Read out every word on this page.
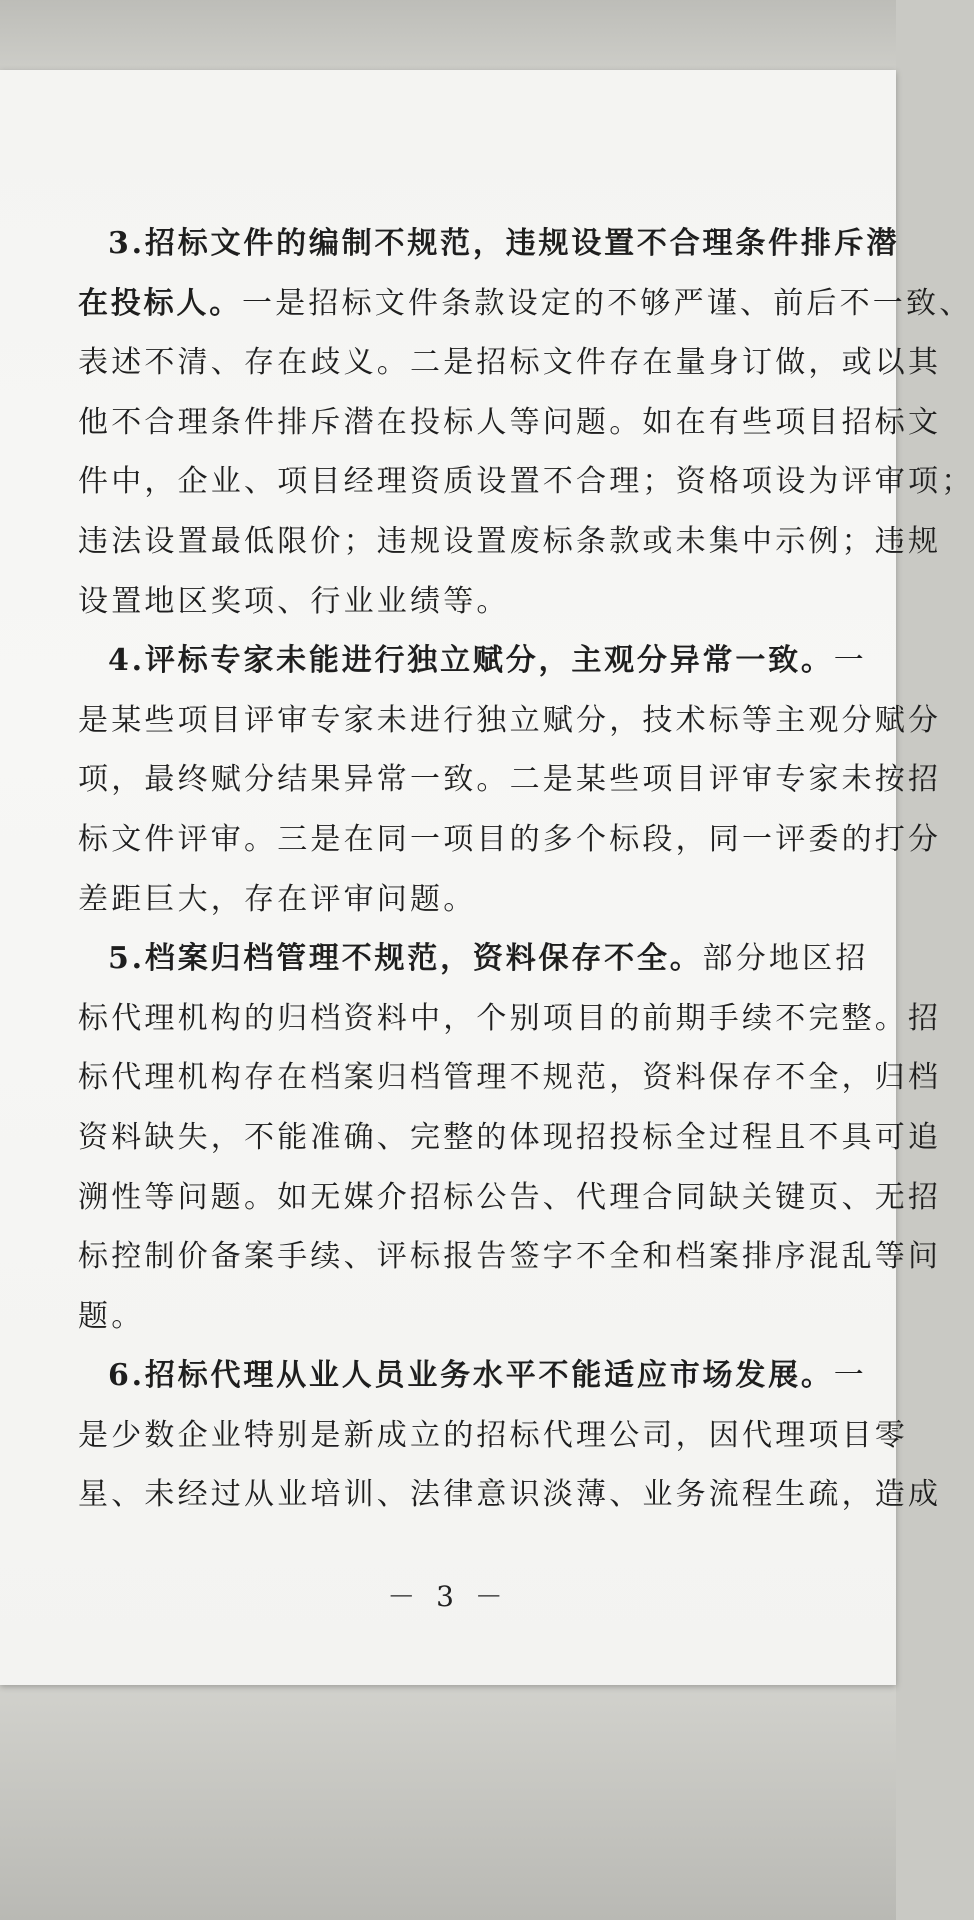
3.招标文件的编制不规范，违规设置不合理条件排斥潜
在投标人。一是招标文件条款设定的不够严谨、前后不一致、
表述不清、存在歧义。二是招标文件存在量身订做，或以其
他不合理条件排斥潜在投标人等问题。如在有些项目招标文
件中，企业、项目经理资质设置不合理；资格项设为评审项；
违法设置最低限价；违规设置废标条款或未集中示例；违规
设置地区奖项、行业业绩等。
4.评标专家未能进行独立赋分，主观分异常一致。一
是某些项目评审专家未进行独立赋分，技术标等主观分赋分
项，最终赋分结果异常一致。二是某些项目评审专家未按招
标文件评审。三是在同一项目的多个标段，同一评委的打分
差距巨大，存在评审问题。
5.档案归档管理不规范，资料保存不全。部分地区招
标代理机构的归档资料中，个别项目的前期手续不完整。招
标代理机构存在档案归档管理不规范，资料保存不全，归档
资料缺失，不能准确、完整的体现招投标全过程且不具可追
溯性等问题。如无媒介招标公告、代理合同缺关键页、无招
标控制价备案手续、评标报告签字不全和档案排序混乱等问
题。
6.招标代理从业人员业务水平不能适应市场发展。一
是少数企业特别是新成立的招标代理公司，因代理项目零
星、未经过从业培训、法律意识淡薄、业务流程生疏，造成
－ 3 －
